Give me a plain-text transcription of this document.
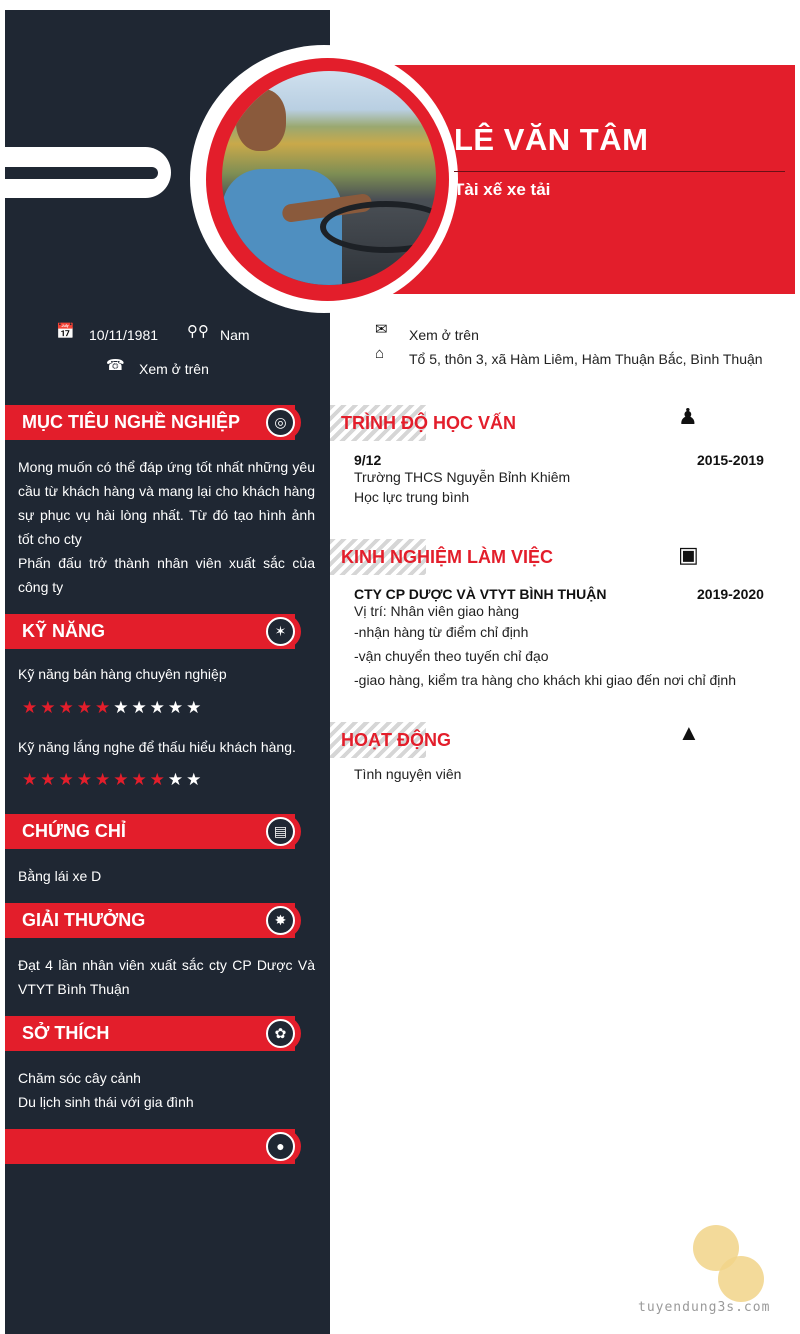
LÊ VĂN TÂM
Tài xế xe tải
📅 10/11/1981 ⚲⚲ Nam
☎ Xem ở trên
✉ Xem ở trên
⌂ Tổ 5, thôn 3, xã Hàm Liêm, Hàm Thuận Bắc, Bình Thuận
MỤC TIÊU NGHỀ NGHIỆP	◎
Mong muốn có thể đáp ứng tốt nhất những yêu cầu từ khách hàng và mang lại cho khách hàng sự phục vụ hài lòng nhất. Từ đó tạo hình ảnh tốt cho cty
Phấn đấu trở thành nhân viên xuất sắc của công ty
KỸ NĂNG	✶
Kỹ năng bán hàng chuyên nghiệp
★★★★★★★★★★
Kỹ năng lắng nghe để thấu hiểu khách hàng.
★★★★★★★★★★
CHỨNG CHỈ	▤
Bằng lái xe D
GIẢI THƯỞNG	✸
Đạt 4 lần nhân viên xuất sắc cty CP Dược Và VTYT Bình Thuận
SỞ THÍCH	✿
Chăm sóc cây cảnh
Du lịch sinh thái với gia đình
●
TRÌNH ĐỘ HỌC VẤN	♟
9/12	2015-2019
Trường THCS Nguyễn Bỉnh Khiêm
Học lực trung bình
KINH NGHIỆM LÀM VIỆC	▣
CTY CP DƯỢC VÀ VTYT BÌNH THUẬN	2019-2020
Vị trí: Nhân viên giao hàng
-nhận hàng từ điểm chỉ định
-vận chuyển theo tuyến chỉ đạo
-giao hàng, kiểm tra hàng cho khách khi giao đến nơi chỉ định
HOẠT ĐỘNG	▲
Tình nguyện viên
tuyendung3s.com
